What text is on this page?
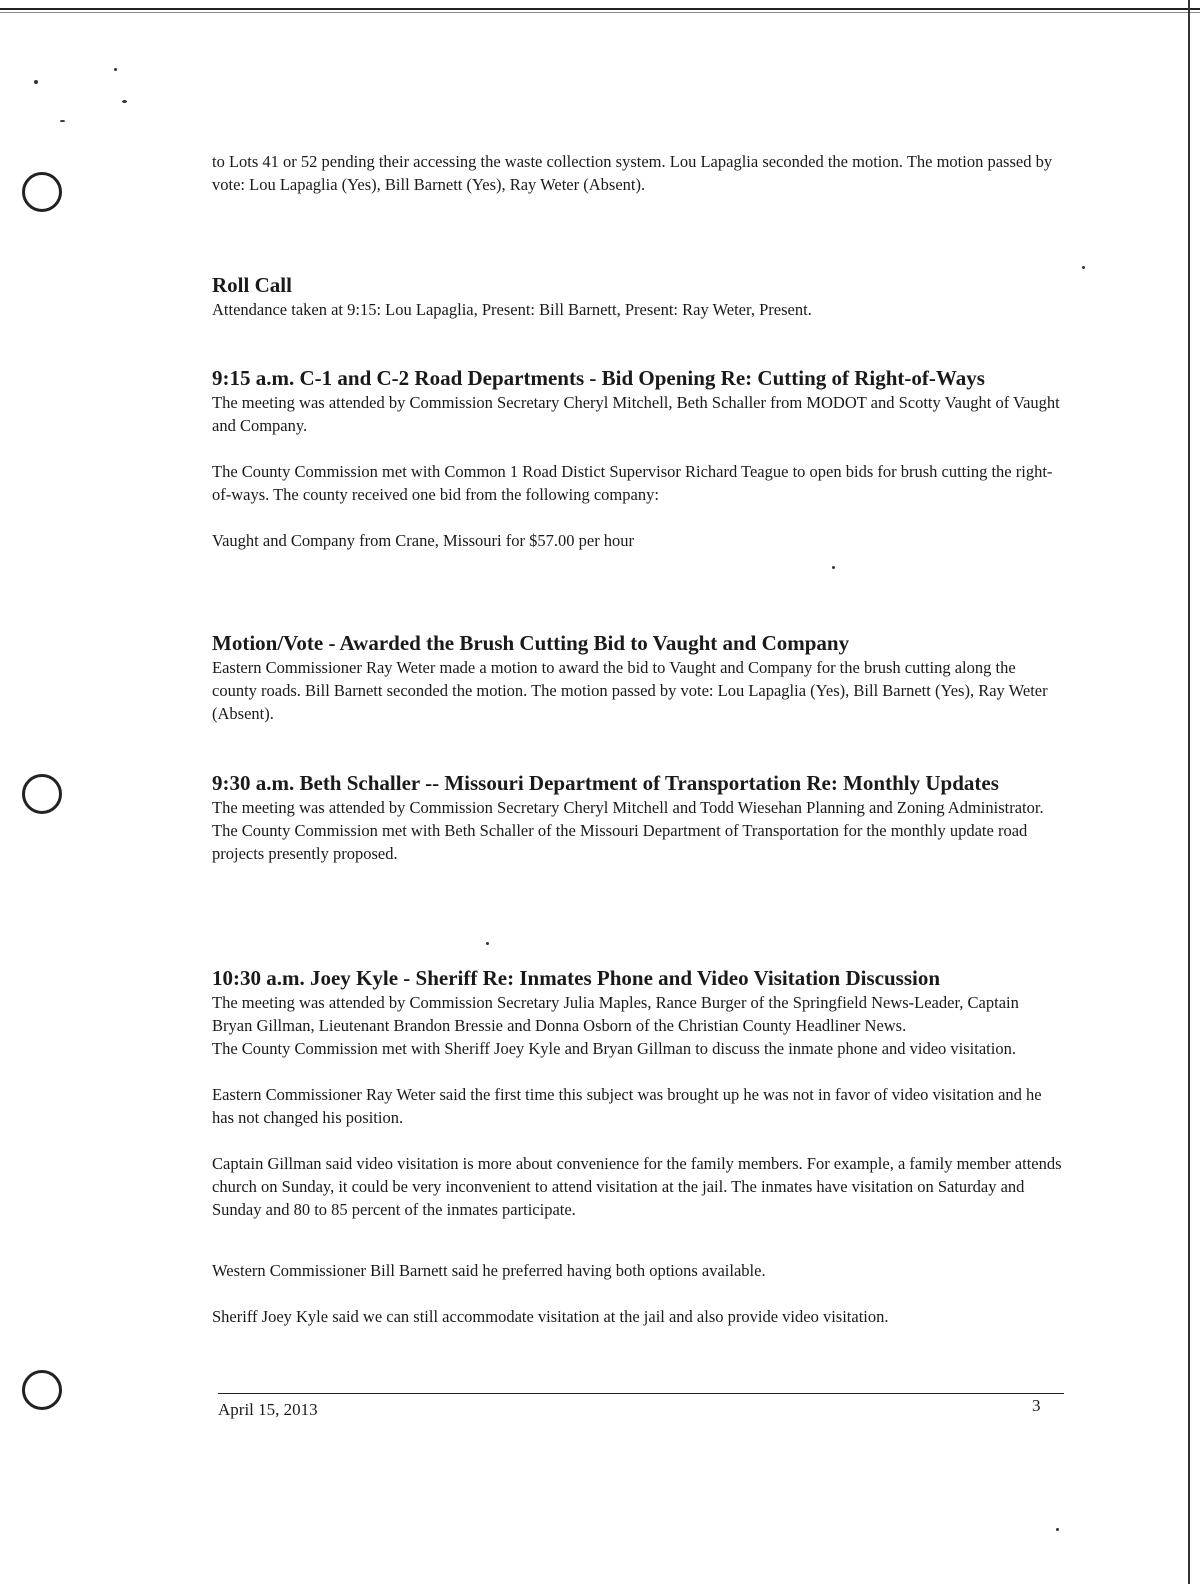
to Lots 41 or 52 pending their accessing the waste collection system. Lou Lapaglia seconded the motion. The motion passed by vote: Lou Lapaglia (Yes), Bill Barnett (Yes), Ray Weter (Absent).

Roll Call

Attendance taken at 9:15: Lou Lapaglia, Present: Bill Barnett, Present: Ray Weter, Present.

9:15 a.m. C-1 and C-2 Road Departments - Bid Opening Re: Cutting of Right-of-Ways

The meeting was attended by Commission Secretary Cheryl Mitchell, Beth Schaller from MODOT and Scotty Vaught of Vaught and Company.

The County Commission met with Common 1 Road Distict Supervisor Richard Teague to open bids for brush cutting the right-of-ways. The county received one bid from the following company:

Vaught and Company from Crane, Missouri for $57.00 per hour

Motion/Vote - Awarded the Brush Cutting Bid to Vaught and Company

Eastern Commissioner Ray Weter made a motion to award the bid to Vaught and Company for the brush cutting along the county roads. Bill Barnett seconded the motion. The motion passed by vote: Lou Lapaglia (Yes), Bill Barnett (Yes), Ray Weter (Absent).

9:30 a.m. Beth Schaller -- Missouri Department of Transportation Re: Monthly Updates

The meeting was attended by Commission Secretary Cheryl Mitchell and Todd Wiesehan Planning and Zoning Administrator.

The County Commission met with Beth Schaller of the Missouri Department of Transportation for the monthly update road projects presently proposed.

10:30 a.m. Joey Kyle - Sheriff Re: Inmates Phone and Video Visitation Discussion

The meeting was attended by Commission Secretary Julia Maples, Rance Burger of the Springfield News-Leader, Captain Bryan Gillman, Lieutenant Brandon Bressie and Donna Osborn of the Christian County Headliner News.

The County Commission met with Sheriff Joey Kyle and Bryan Gillman to discuss the inmate phone and video visitation.

Eastern Commissioner Ray Weter said the first time this subject was brought up he was not in favor of video visitation and he has not changed his position.

Captain Gillman said video visitation is more about convenience for the family members. For example, a family member attends church on Sunday, it could be very inconvenient to attend visitation at the jail. The inmates have visitation on Saturday and Sunday and 80 to 85 percent of the inmates participate.

Western Commissioner Bill Barnett said he preferred having both options available.

Sheriff Joey Kyle said we can still accommodate visitation at the jail and also provide video visitation.

April 15, 2013	3
